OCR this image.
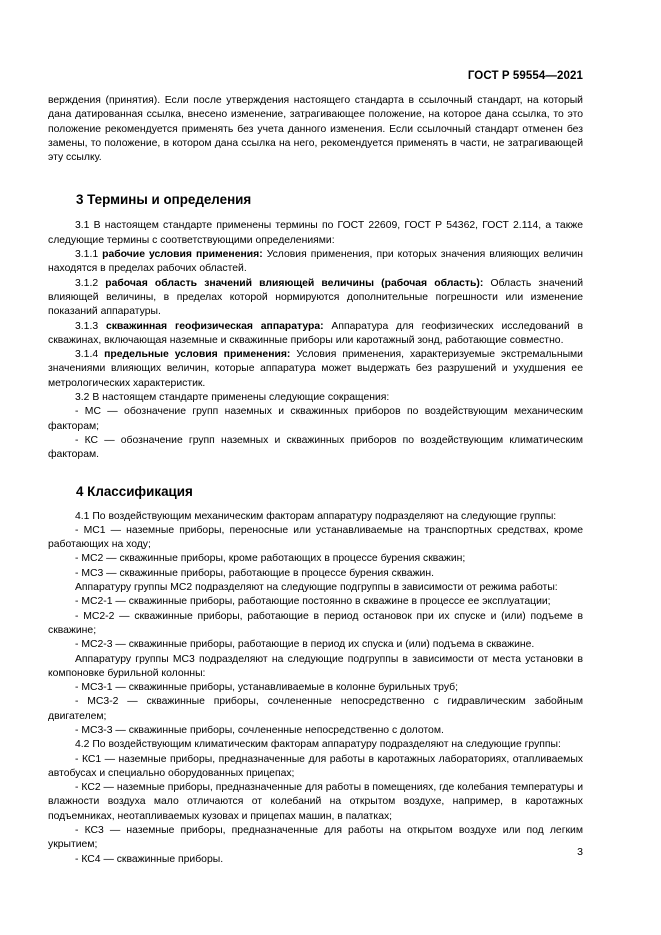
ГОСТ Р 59554—2021

верждения (принятия). Если после утверждения настоящего стандарта в ссылочный стандарт, на который дана датированная ссылка, внесено изменение, затрагивающее положение, на которое дана ссылка, то это положение рекомендуется применять без учета данного изменения. Если ссылочный стандарт отменен без замены, то положение, в котором дана ссылка на него, рекомендуется применять в части, не затрагивающей эту ссылку.

3 Термины и определения

3.1 В настоящем стандарте применены термины по ГОСТ 22609, ГОСТ Р 54362, ГОСТ 2.114, а также следующие термины с соответствующими определениями:

3.1.1 рабочие условия применения: Условия применения, при которых значения влияющих величин находятся в пределах рабочих областей.

3.1.2 рабочая область значений влияющей величины (рабочая область): Область значений влияющей величины, в пределах которой нормируются дополнительные погрешности или изменение показаний аппаратуры.

3.1.3 скважинная геофизическая аппаратура: Аппаратура для геофизических исследований в скважинах, включающая наземные и скважинные приборы или каротажный зонд, работающие совместно.

3.1.4 предельные условия применения: Условия применения, характеризуемые экстремальными значениями влияющих величин, которые аппаратура может выдержать без разрушений и ухудшения ее метрологических характеристик.

3.2 В настоящем стандарте применены следующие сокращения:

- МС — обозначение групп наземных и скважинных приборов по воздействующим механическим факторам;

- КС — обозначение групп наземных и скважинных приборов по воздействующим климатическим факторам.

4 Классификация

4.1 По воздействующим механическим факторам аппаратуру подразделяют на следующие группы:

- МС1 — наземные приборы, переносные или устанавливаемые на транспортных средствах, кроме работающих на ходу;

- МС2 — скважинные приборы, кроме работающих в процессе бурения скважин;

- МС3 — скважинные приборы, работающие в процессе бурения скважин.

Аппаратуру группы МС2 подразделяют на следующие подгруппы в зависимости от режима работы:

- МС2-1 — скважинные приборы, работающие постоянно в скважине в процессе ее эксплуатации;

- МС2-2 — скважинные приборы, работающие в период остановок при их спуске и (или) подъеме в скважине;

- МС2-3 — скважинные приборы, работающие в период их спуска и (или) подъема в скважине.

Аппаратуру группы МС3 подразделяют на следующие подгруппы в зависимости от места установки в компоновке бурильной колонны:

- МС3-1 — скважинные приборы, устанавливаемые в колонне бурильных труб;

- МС3-2 — скважинные приборы, сочлененные непосредственно с гидравлическим забойным двигателем;

- МС3-3 — скважинные приборы, сочлененные непосредственно с долотом.

4.2 По воздействующим климатическим факторам аппаратуру подразделяют на следующие группы:

- КС1 — наземные приборы, предназначенные для работы в каротажных лабораториях, отапливаемых автобусах и специально оборудованных прицепах;

- КС2 — наземные приборы, предназначенные для работы в помещениях, где колебания температуры и влажности воздуха мало отличаются от колебаний на открытом воздухе, например, в каротажных подъемниках, неотапливаемых кузовах и прицепах машин, в палатках;

- КС3 — наземные приборы, предназначенные для работы на открытом воздухе или под легким укрытием;

- КС4 — скважинные приборы.

3
